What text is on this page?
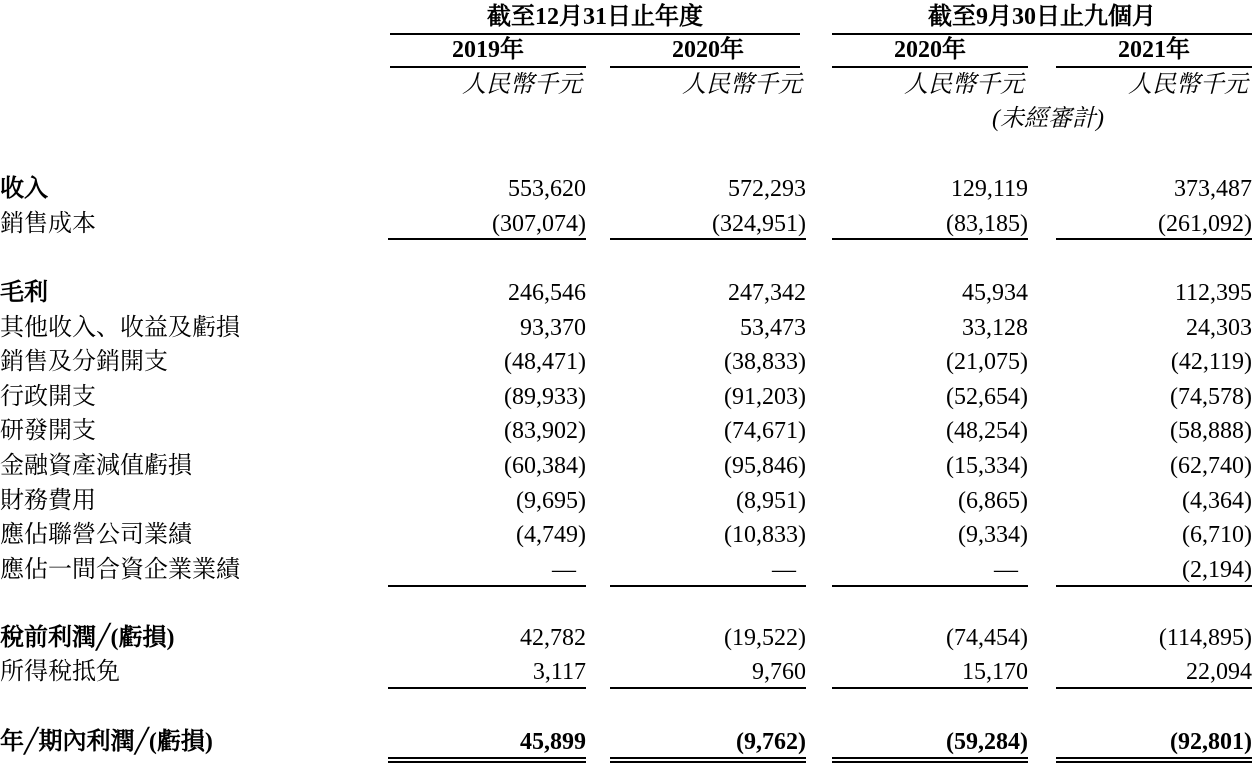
截至12月31日止年度	截至9月30日止九個月
2019年	2020年	2020年	2021年
人民幣千元	人民幣千元	人民幣千元	人民幣千元
(未經審計)
收入	553,620	572,293	129,119	373,487
銷售成本	(307,074)	(324,951)	(83,185)	(261,092)
毛利	246,546	247,342	45,934	112,395
其他收入、收益及虧損	93,370	53,473	33,128	24,303
銷售及分銷開支	(48,471)	(38,833)	(21,075)	(42,119)
行政開支	(89,933)	(91,203)	(52,654)	(74,578)
研發開支	(83,902)	(74,671)	(48,254)	(58,888)
金融資產減值虧損	(60,384)	(95,846)	(15,334)	(62,740)
財務費用	(9,695)	(8,951)	(6,865)	(4,364)
應佔聯營公司業績	(4,749)	(10,833)	(9,334)	(6,710)
應佔一間合資企業業績	—	—	—	(2,194)
稅前利潤╱(虧損)	42,782	(19,522)	(74,454)	(114,895)
所得稅抵免	3,117	9,760	15,170	22,094
年╱期內利潤╱(虧損)	45,899	(9,762)	(59,284)	(92,801)
